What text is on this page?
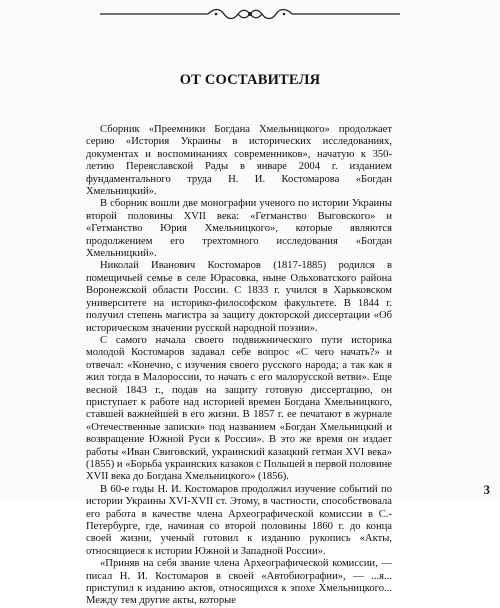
ОТ СОСТАВИТЕЛЯ

Сборник «Преемники Богдана Хмельницкого» продолжает серию «История Украины в исторических исследованиях, документах и воспоминаниях современников», начатую к 350-летию Переяславской Рады в январе 2004 г. изданием фундаментального труда Н. И. Костомарова «Богдан Хмельницкий».

В сборник вошли две монографии ученого по истории Украины второй половины XVII века: «Гетманство Выговского» и «Гетманство Юрия Хмельницкого», которые являются продолжением его трехтомного исследования «Богдан Хмельницкий».

Николай Иванович Костомаров (1817-1885) родился в помещичьей семье в селе Юрасовка, ныне Ольховатского района Воронежской области России. С 1833 г. учился в Харьковском университете на историко-философском факультете. В 1844 г. получил степень магистра за защиту докторской диссертации «Об историческом значении русской народной поэзии».

С самого начала своего подвижнического пути историка молодой Костомаров задавал себе вопрос «С чего начать?» и отвечал: «Конечно, с изучения своего русского народа; а так как я жил тогда в Малороссии, то начать с его малорусской ветви». Еще весной 1843 г., подав на защиту готовую диссертацию, он приступает к работе над историей времен Богдана Хмельницкого, ставшей важнейшей в его жизни. В 1857 г. ее печатают в журнале «Отечественные записки» под названием «Богдан Хмельницкий и возвращение Южной Руси к России». В это же время он издает работы «Иван Свиговский, украинский казацкий гетман XVI века» (1855) и «Борьба украинских казаков с Польшей в первой половине XVII века до Богдана Хмельницкого» (1856).

В 60-е годы Н. И. Костомаров продолжил изучение событий по истории Украины XVI-XVII ст. Этому, в частности, способствовала его работа в качестве члена Археографической комиссии в С.-Петербурге, где, начиная со второй половины 1860 г. до конца своей жизни, ученый готовил к изданию рукопись «Акты, относящиеся к истории Южной и Западной России».

«Приняв на себя звание члена Археографической комиссии, — писал Н. И. Костомаров в своей «Автобиографии», — ...я... приступил к изданию актов, относящихся к эпохе Хмельницкого... Между тем другие акты, которые

3
